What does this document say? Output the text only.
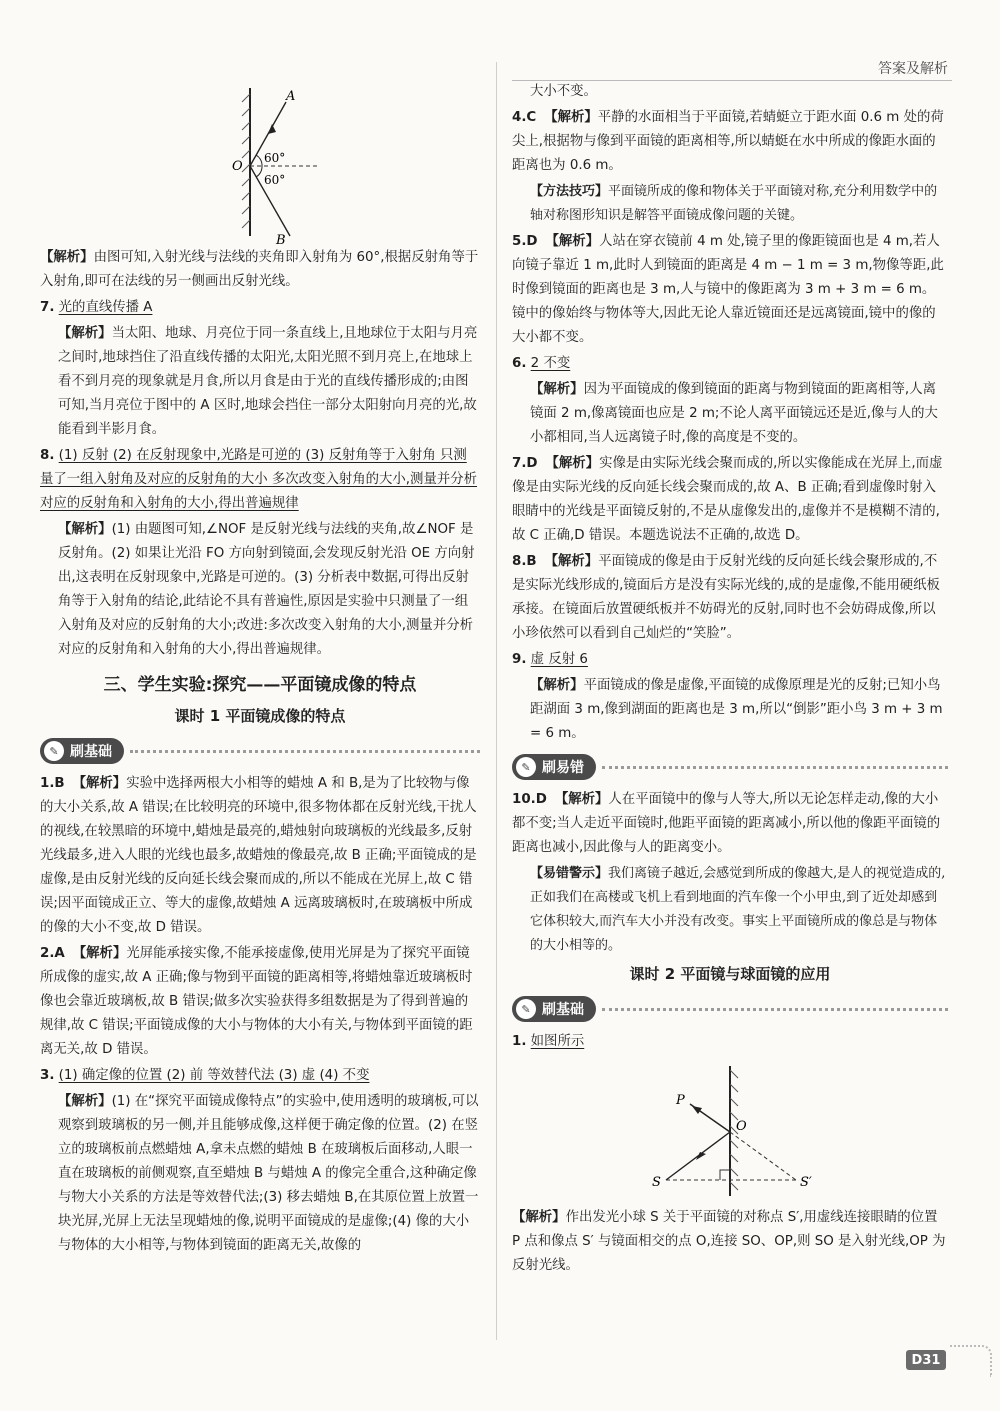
答案及解析
A
O
60°
60°
B

【解析】由图可知,入射光线与法线的夹角即入射角为 60°,根据反射角等于入射角,即可在法线的另一侧画出反射光线。

7. 光的直线传播 A

【解析】当太阳、地球、月亮位于同一条直线上,且地球位于太阳与月亮之间时,地球挡住了沿直线传播的太阳光,太阳光照不到月亮上,在地球上看不到月亮的现象就是月食,所以月食是由于光的直线传播形成的;由图可知,当月亮位于图中的 A 区时,地球会挡住一部分太阳射向月亮的光,故能看到半影月食。

8. (1) 反射 (2) 在反射现象中,光路是可逆的 (3) 反射角等于入射角 只测量了一组入射角及对应的反射角的大小 多次改变入射角的大小,测量并分析对应的反射角和入射角的大小,得出普遍规律

【解析】(1) 由题图可知,∠NOF 是反射光线与法线的夹角,故∠NOF 是反射角。(2) 如果让光沿 FO 方向射到镜面,会发现反射光沿 OE 方向射出,这表明在反射现象中,光路是可逆的。(3) 分析表中数据,可得出反射角等于入射角的结论,此结论不具有普遍性,原因是实验中只测量了一组入射角及对应的反射角的大小;改进:多次改变入射角的大小,测量并分析对应的反射角和入射角的大小,得出普遍规律。

三、学生实验:探究——平面镜成像的特点
课时 1 平面镜成像的特点
✎ 刷基础

1.B 【解析】实验中选择两根大小相等的蜡烛 A 和 B,是为了比较物与像的大小关系,故 A 错误;在比较明亮的环境中,很多物体都在反射光线,干扰人的视线,在较黑暗的环境中,蜡烛是最亮的,蜡烛射向玻璃板的光线最多,反射光线最多,进入人眼的光线也最多,故蜡烛的像最亮,故 B 正确;平面镜成的是虚像,是由反射光线的反向延长线会聚而成的,所以不能成在光屏上,故 C 错误;因平面镜成正立、等大的虚像,故蜡烛 A 远离玻璃板时,在玻璃板中所成的像的大小不变,故 D 错误。

2.A 【解析】光屏能承接实像,不能承接虚像,使用光屏是为了探究平面镜所成像的虚实,故 A 正确;像与物到平面镜的距离相等,将蜡烛靠近玻璃板时像也会靠近玻璃板,故 B 错误;做多次实验获得多组数据是为了得到普遍的规律,故 C 错误;平面镜成像的大小与物体的大小有关,与物体到平面镜的距离无关,故 D 错误。

3. (1) 确定像的位置 (2) 前 等效替代法 (3) 虚 (4) 不变

【解析】(1) 在“探究平面镜成像特点”的实验中,使用透明的玻璃板,可以观察到玻璃板的另一侧,并且能够成像,这样便于确定像的位置。(2) 在竖立的玻璃板前点燃蜡烛 A,拿未点燃的蜡烛 B 在玻璃板后面移动,人眼一直在玻璃板的前侧观察,直至蜡烛 B 与蜡烛 A 的像完全重合,这种确定像与物大小关系的方法是等效替代法;(3) 移去蜡烛 B,在其原位置上放置一块光屏,光屏上无法呈现蜡烛的像,说明平面镜成的是虚像;(4) 像的大小与物体的大小相等,与物体到镜面的距离无关,故像的

大小不变。

4.C 【解析】平静的水面相当于平面镜,若蜻蜓立于距水面 0.6 m 处的荷尖上,根据物与像到平面镜的距离相等,所以蜻蜓在水中所成的像距水面的距离也为 0.6 m。

【方法技巧】平面镜所成的像和物体关于平面镜对称,充分利用数学中的轴对称图形知识是解答平面镜成像问题的关键。

5.D 【解析】人站在穿衣镜前 4 m 处,镜子里的像距镜面也是 4 m,若人向镜子靠近 1 m,此时人到镜面的距离是 4 m − 1 m = 3 m,物像等距,此时像到镜面的距离也是 3 m,人与镜中的像距离为 3 m + 3 m = 6 m。镜中的像始终与物体等大,因此无论人靠近镜面还是远离镜面,镜中的像的大小都不变。

6. 2 不变

【解析】因为平面镜成的像到镜面的距离与物到镜面的距离相等,人离镜面 2 m,像离镜面也应是 2 m;不论人离平面镜远还是近,像与人的大小都相同,当人远离镜子时,像的高度是不变的。

7.D 【解析】实像是由实际光线会聚而成的,所以实像能成在光屏上,而虚像是由实际光线的反向延长线会聚而成的,故 A、B 正确;看到虚像时射入眼睛中的光线是平面镜反射的,不是从虚像发出的,虚像并不是模糊不清的,故 C 正确,D 错误。本题选说法不正确的,故选 D。

8.B 【解析】平面镜成的像是由于反射光线的反向延长线会聚形成的,不是实际光线形成的,镜面后方是没有实际光线的,成的是虚像,不能用硬纸板承接。在镜面后放置硬纸板并不妨碍光的反射,同时也不会妨碍成像,所以小珍依然可以看到自己灿烂的“笑脸”。

9. 虚 反射 6

【解析】平面镜成的像是虚像,平面镜的成像原理是光的反射;已知小鸟距湖面 3 m,像到湖面的距离也是 3 m,所以“倒影”距小鸟 3 m + 3 m = 6 m。

✎ 刷易错

10.D 【解析】人在平面镜中的像与人等大,所以无论怎样走动,像的大小都不变;当人走近平面镜时,他距平面镜的距离减小,所以他的像距平面镜的距离也减小,因此像与人的距离变小。

【易错警示】我们离镜子越近,会感觉到所成的像越大,是人的视觉造成的,正如我们在高楼或飞机上看到地面的汽车像一个小甲虫,到了近处却感到它体积较大,而汽车大小并没有改变。事实上平面镜所成的像总是与物体的大小相等的。

课时 2 平面镜与球面镜的应用
✎ 刷基础

1. 如图所示

P
O
S	S′

【解析】作出发光小球 S 关于平面镜的对称点 S′,用虚线连接眼睛的位置 P 点和像点 S′ 与镜面相交的点 O,连接 SO、OP,则 SO 是入射光线,OP 为反射光线。

D31
